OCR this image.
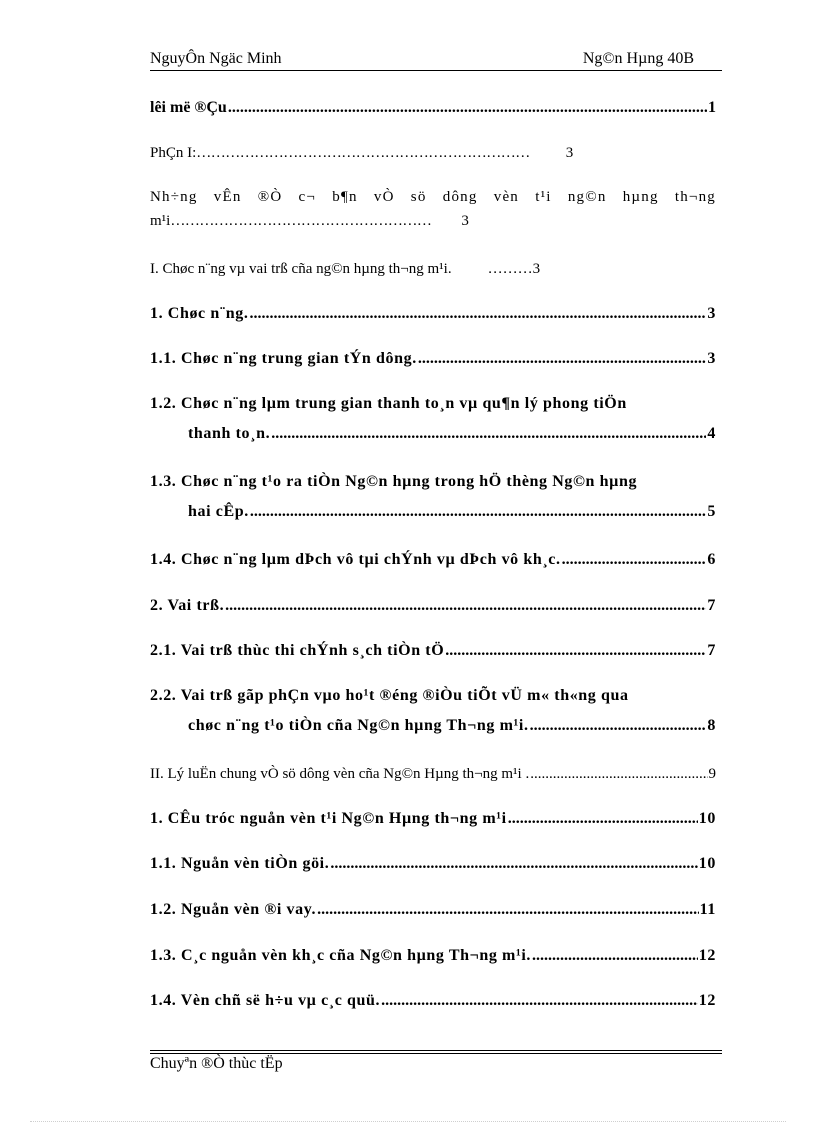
NguyÔn Ngäc Minh	Ng©n Hµng 40B
lêi më ®Çu .....	1
PhÇn I:…………………………………………………………… 3
Nh÷ng vÊn ®Ò c¬ b¶n vÒ sö dông vèn t¹i ng©n hµng th¬ng
m¹i……………………………………………… 3
I. Chøc n¨ng vµ vai trß cña ng©n hµng th¬ng m¹i. ………3
1. Chøc n¨ng. .....	3
1.1. Chøc n¨ng trung gian tÝn dông. .....	3
1.2. Chøc n¨ng lµm trung gian thanh to¸n vµ qu¶n lý phong tiÖn
thanh to¸n. .....	4
1.3. Chøc n¨ng t¹o ra tiÒn Ng©n hµng trong hÖ thèng Ng©n hµng
hai cÊp. .....	5
1.4. Chøc n¨ng lµm dÞch vô tµi chÝnh vµ dÞch vô kh¸c. .....	6
2. Vai trß. .....	7
2.1. Vai trß thùc thi chÝnh s¸ch tiÒn tÖ .....	7
2.2. Vai trß gãp phÇn vµo ho¹t ®éng ®iÒu tiÕt vÜ m« th«ng qua
chøc n¨ng t¹o tiÒn cña Ng©n hµng Th¬ng m¹i. .....	8
II. Lý luËn chung vÒ sö dông vèn cña Ng©n Hµng th¬ng m¹i . .....	9
1. CÊu tróc nguån vèn t¹i Ng©n Hµng th¬ng m¹i .....	10
1.1. Nguån vèn tiÒn göi. .....	10
1.2. Nguån vèn ®i vay. .....	11
1.3. C¸c nguån vèn kh¸c cña Ng©n hµng Th¬ng m¹i. .....	12
1.4. Vèn chñ së h÷u vµ c¸c quü. .....	12
Chuyªn ®Ò thùc tËp
